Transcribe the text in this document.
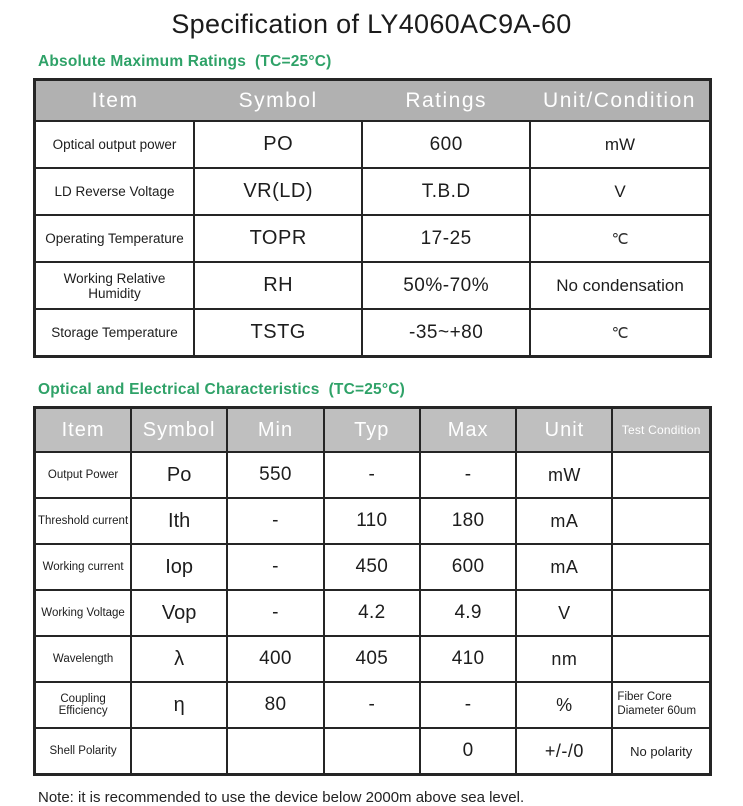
Specification of LY4060AC9A-60
Absolute Maximum Ratings  (TC=25°C)
Item	Symbol	Ratings	Unit/Condition
Optical output power	PO	600	mW
LD Reverse Voltage	VR(LD)	T.B.D	V
Operating Temperature	TOPR	17-25	℃
Working Relative Humidity	RH	50%-70%	No condensation
Storage Temperature	TSTG	-35~+80	℃
Optical and Electrical Characteristics  (TC=25°C)
Item	Symbol	Min	Typ	Max	Unit	Test Condition
Output Power	Po	550	-	-	mW	
Threshold current	Ith	-	110	180	mA	
Working current	Iop	-	450	600	mA	
Working Voltage	Vop	-	4.2	4.9	V	
Wavelength	λ	400	405	410	nm	
Coupling Efficiency	η	80	-	-	%	Fiber Core Diameter 60um
Shell Polarity				0	+/-/0	No polarity
Note: it is recommended to use the device below 2000m above sea level.
